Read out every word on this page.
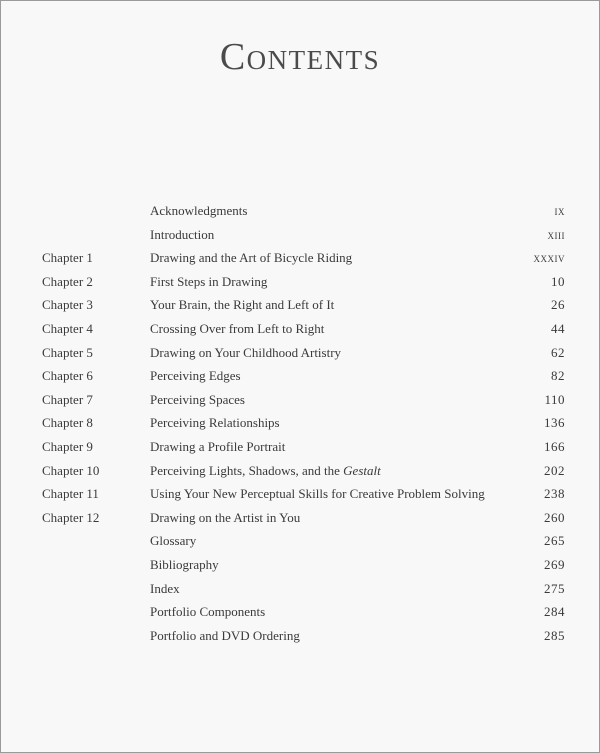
Contents
Acknowledgments	ix
Introduction	xiii
Chapter 1	Drawing and the Art of Bicycle Riding	xxxiv
Chapter 2	First Steps in Drawing	10
Chapter 3	Your Brain, the Right and Left of It	26
Chapter 4	Crossing Over from Left to Right	44
Chapter 5	Drawing on Your Childhood Artistry	62
Chapter 6	Perceiving Edges	82
Chapter 7	Perceiving Spaces	110
Chapter 8	Perceiving Relationships	136
Chapter 9	Drawing a Profile Portrait	166
Chapter 10	Perceiving Lights, Shadows, and the Gestalt	202
Chapter 11	Using Your New Perceptual Skills for Creative Problem Solving	238
Chapter 12	Drawing on the Artist in You	260
Glossary	265
Bibliography	269
Index	275
Portfolio Components	284
Portfolio and DVD Ordering	285
